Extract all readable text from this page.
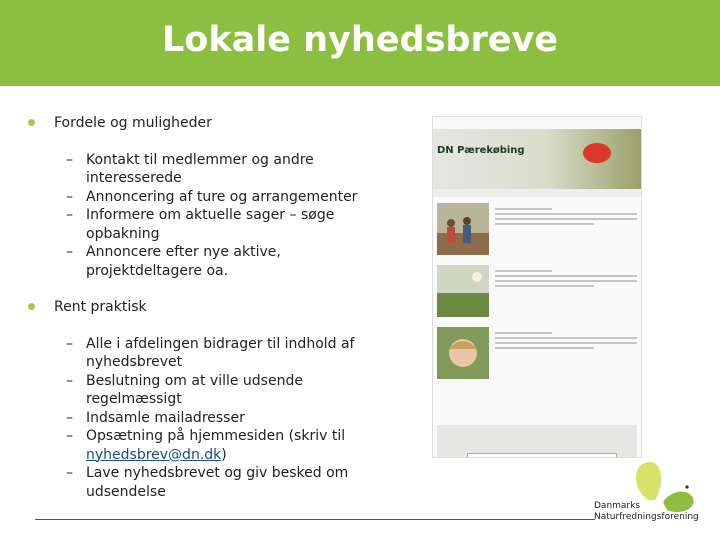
Lokale nyhedsbreve
Fordele og muligheder
– Kontakt til medlemmer og andre interesserede
– Annoncering af ture og arrangementer
– Informere om aktuelle sager – søge opbakning
– Annoncere efter nye aktive, projektdeltagere oa.
Rent praktisk
– Alle i afdelingen bidrager til indhold af nyhedsbrevet
– Beslutning om at ville udsende regelmæssigt
– Indsamle mailadresser
– Opsætning på hjemmesiden (skriv til nyhedsbrev@dn.dk)
– Lave nyhedsbrevet og giv besked om udsendelse
DN Pærekøbing
Danmarks
Naturfredningsforening
